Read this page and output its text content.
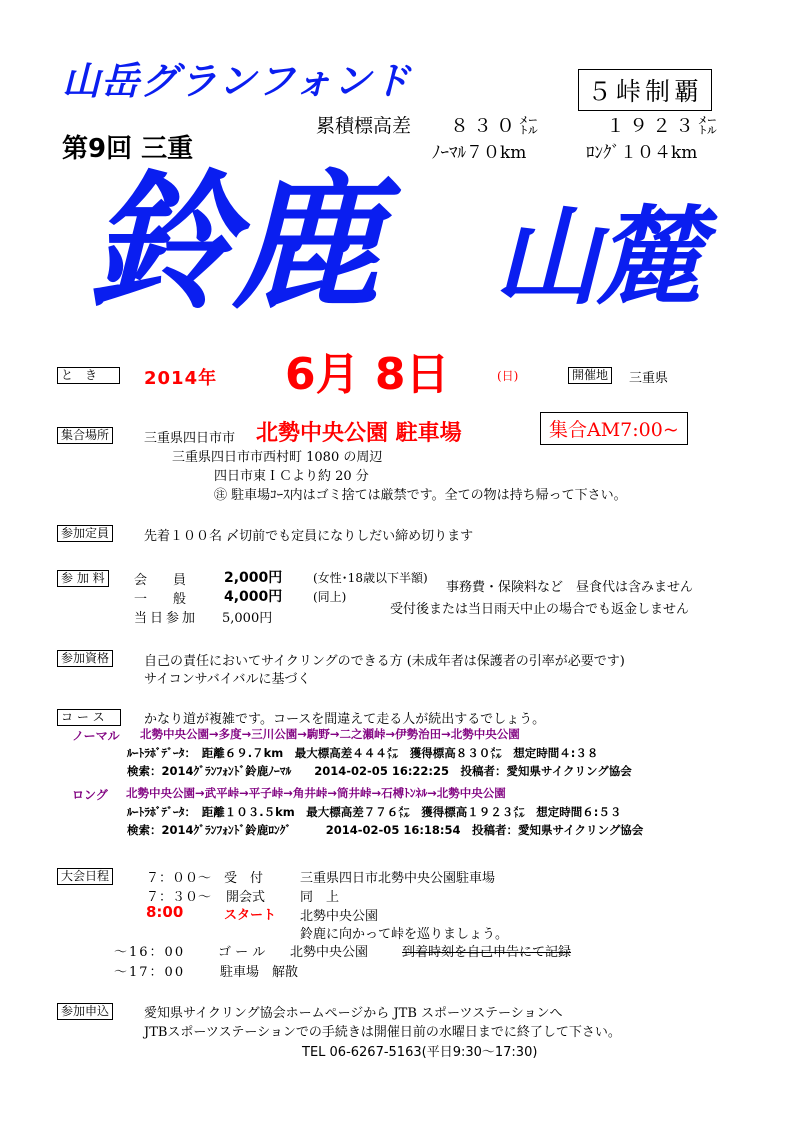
山岳グランフォンド
第9回 三重
５峠制覇
累積標高差 ８３０㍍	１９２３㍍
ﾉｰﾏﾙ７０km	ﾛﾝｸﾞ１０４km
鈴鹿 山麓
と　き	2014年 6月 8日	(日)	開催地	三重県
集合場所	三重県四日市市 北勢中央公園 駐車場	集合AM7:00~
三重県四日市市西村町 1080 の周辺
四日市東ＩＣより約 20 分
㊟ 駐車場ｺｰｽ内はゴミ捨ては厳禁です。全ての物は持ち帰って下さい。
参加定員	先着１００名 〆切前でも定員になりしだい締め切ります
参 加 料	会　　員	2,000円	(女性･18歳以下半額)
一　　般	4,000円	(同上)
当日参加 5,000円
事務費・保険料など　昼食代は含みません
受付後または当日雨天中止の場合でも返金しません
参加資格	自己の責任においてサイクリングのできる方 (未成年者は保護者の引率が必要です)
サイコンサバイバルに基づく
コ ー ス	かなり道が複雑です。コースを間違えて走る人が続出するでしょう。
ノーマル 北勢中央公園→多度→三川公園→駒野→二之瀬峠→伊勢治田→北勢中央公園
ﾙｰﾄﾗﾎﾞﾃﾞｰﾀ：　距離６９.７km　最大標高差４４４㍍　獲得標高８３０㍍　想定時間４:３８
検索：2014ｸﾞﾗﾝﾌｫﾝﾄﾞ鈴鹿ﾉｰﾏﾙ　　2014-02-05 16:22:25　投稿者：愛知県サイクリング協会
ロング 北勢中央公園→武平峠→平子峠→角井峠→筒井峠→石榑ﾄﾝﾈﾙ→北勢中央公園
ﾙｰﾄﾗﾎﾞﾃﾞｰﾀ：　距離１０３.５km　最大標高差７７６㍍　獲得標高１９２３㍍　想定時間６:５３
検索：2014ｸﾞﾗﾝﾌｫﾝﾄﾞ鈴鹿ﾛﾝｸﾞ　　　2014-02-05 16:18:54　投稿者：愛知県サイクリング協会
大会日程	７：００～ 受　付	三重県四日市北勢中央公園駐車場
７：３０～ 開会式	同　上
8:00	スタート 北勢中央公園
鈴鹿に向かって峠を巡りましょう。
～16：00	ゴ ー ル 北勢中央公園	到着時刻を自己申告にて記録
～17：00	駐車場　解散
参加申込	愛知県サイクリング協会ホームページから JTB スポーツステーションへ
JTBスポーツステーションでの手続きは開催日前の水曜日までに終了して下さい。
TEL 06-6267-5163(平日9:30～17:30)
